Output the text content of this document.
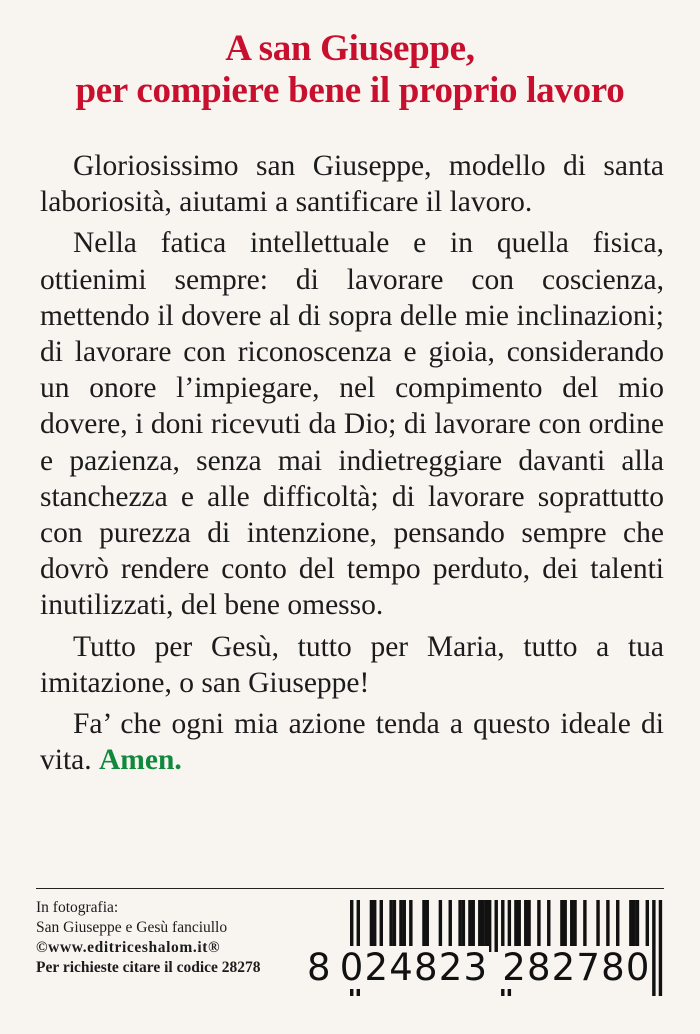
A san Giuseppe,
per compiere bene il proprio lavoro

Gloriosissimo san Giuseppe, modello di santa laboriosità, aiutami a santificare il lavoro.

Nella fatica intellettuale e in quella fisica, ottienimi sempre: di lavorare con coscienza, mettendo il dovere al di sopra delle mie inclinazioni; di lavorare con riconoscenza e gioia, considerando un onore l’impiegare, nel compimento del mio dovere, i doni ricevuti da Dio; di lavorare con ordine e pazienza, senza mai indietreggiare davanti alla stanchezza e alle difficoltà; di lavorare soprattutto con purezza di intenzione, pensando sempre che dovrò rendere conto del tempo perduto, dei talenti inutilizzati, del bene omesso.

Tutto per Gesù, tutto per Maria, tutto a tua imitazione, o san Giuseppe!

Fa’ che ogni mia azione tenda a questo ideale di vita. Amen.

In fotografia:
San Giuseppe e Gesù fanciullo
©www.editriceshalom.it®
Per richieste citare il codice 28278	8 024823 282780
